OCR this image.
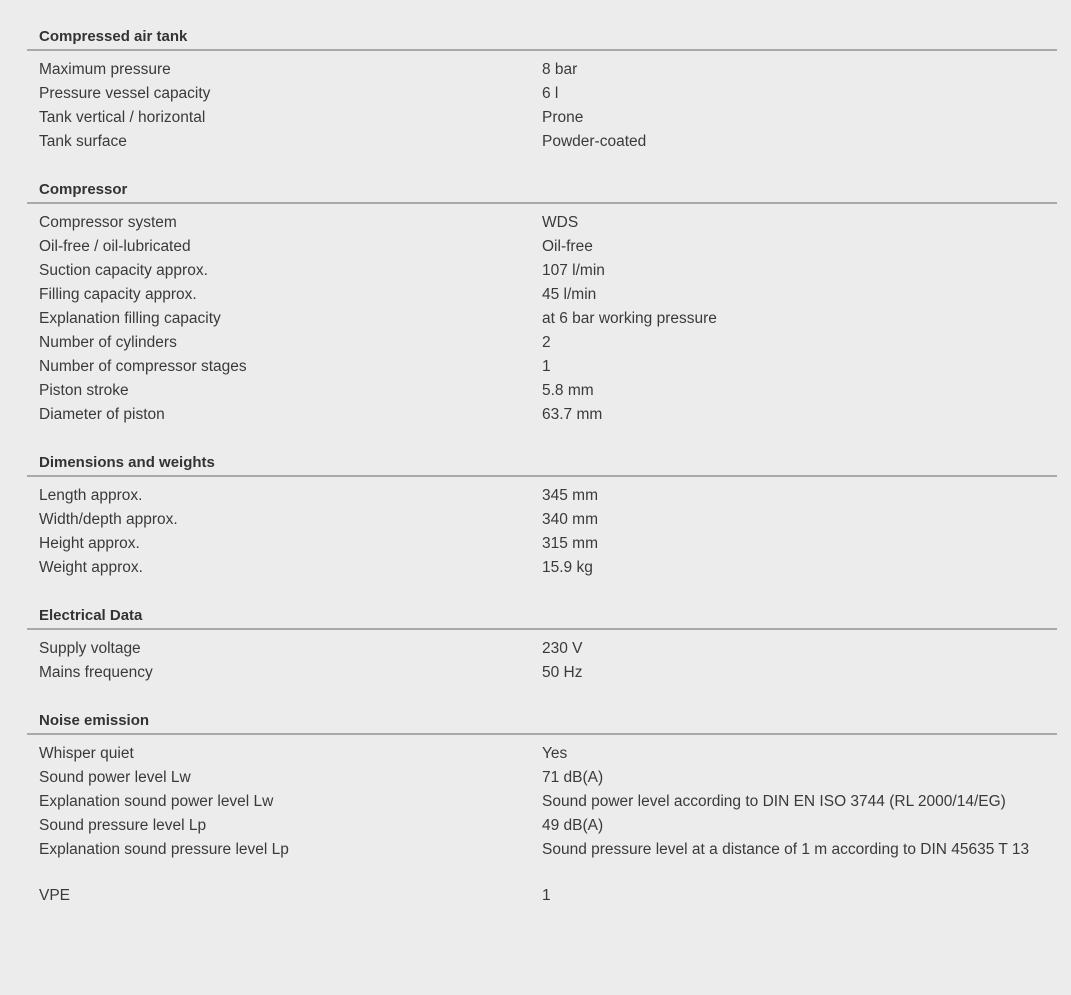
Compressed air tank
Maximum pressure	8 bar
Pressure vessel capacity	6 l
Tank vertical / horizontal	Prone
Tank surface	Powder-coated
Compressor
Compressor system	WDS
Oil-free / oil-lubricated	Oil-free
Suction capacity approx.	107 l/min
Filling capacity approx.	45 l/min
Explanation filling capacity	at 6 bar working pressure
Number of cylinders	2
Number of compressor stages	1
Piston stroke	5.8 mm
Diameter of piston	63.7 mm
Dimensions and weights
Length approx.	345 mm
Width/depth approx.	340 mm
Height approx.	315 mm
Weight approx.	15.9 kg
Electrical Data
Supply voltage	230 V
Mains frequency	50 Hz
Noise emission
Whisper quiet	Yes
Sound power level Lw	71 dB(A)
Explanation sound power level Lw	Sound power level according to DIN EN ISO 3744 (RL 2000/14/EG)
Sound pressure level Lp	49 dB(A)
Explanation sound pressure level Lp	Sound pressure level at a distance of 1 m according to DIN 45635 T 13
VPE	1
